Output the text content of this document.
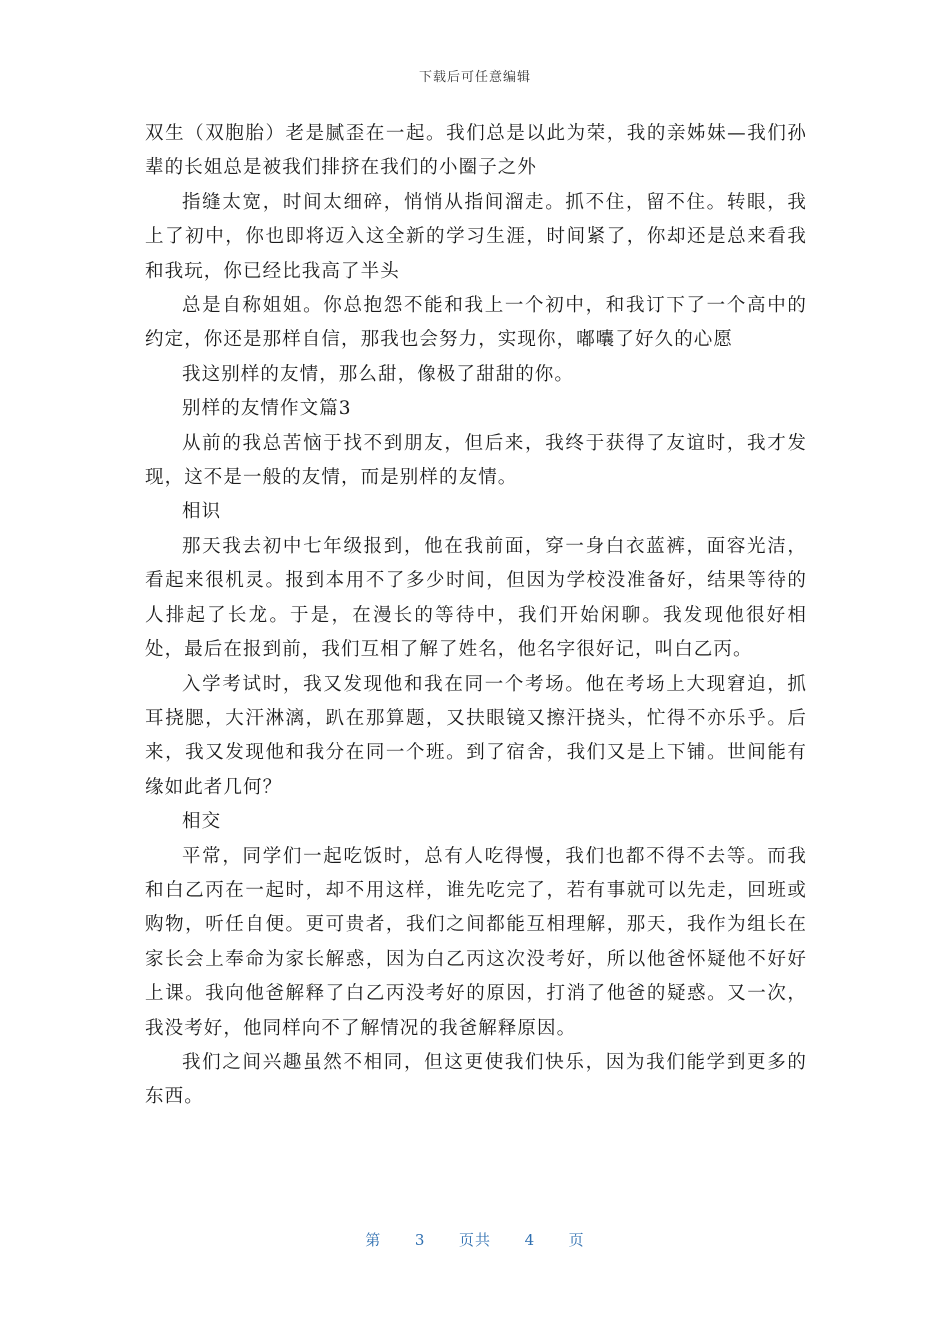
下载后可任意编辑

双生（双胞胎）老是腻歪在一起。我们总是以此为荣，我的亲姊妹—我们孙辈的长姐总是被我们排挤在我们的小圈子之外

指缝太宽，时间太细碎，悄悄从指间溜走。抓不住，留不住。转眼，我上了初中，你也即将迈入这全新的学习生涯，时间紧了，你却还是总来看我和我玩，你已经比我高了半头

总是自称姐姐。你总抱怨不能和我上一个初中，和我订下了一个高中的约定，你还是那样自信，那我也会努力，实现你，嘟囔了好久的心愿

我这别样的友情，那么甜，像极了甜甜的你。

别样的友情作文篇3

从前的我总苦恼于找不到朋友，但后来，我终于获得了友谊时，我才发现，这不是一般的友情，而是别样的友情。

相识

那天我去初中七年级报到，他在我前面，穿一身白衣蓝裤，面容光洁，看起来很机灵。报到本用不了多少时间，但因为学校没准备好，结果等待的人排起了长龙。于是，在漫长的等待中，我们开始闲聊。我发现他很好相处，最后在报到前，我们互相了解了姓名，他名字很好记，叫白乙丙。

入学考试时，我又发现他和我在同一个考场。他在考场上大现窘迫，抓耳挠腮，大汗淋漓，趴在那算题，又扶眼镜又擦汗挠头，忙得不亦乐乎。后来，我又发现他和我分在同一个班。到了宿舍，我们又是上下铺。世间能有缘如此者几何？

相交

平常，同学们一起吃饭时，总有人吃得慢，我们也都不得不去等。而我和白乙丙在一起时，却不用这样，谁先吃完了，若有事就可以先走，回班或购物，听任自便。更可贵者，我们之间都能互相理解，那天，我作为组长在家长会上奉命为家长解惑，因为白乙丙这次没考好，所以他爸怀疑他不好好上课。我向他爸解释了白乙丙没考好的原因，打消了他爸的疑惑。又一次，我没考好，他同样向不了解情况的我爸解释原因。

我们之间兴趣虽然不相同，但这更使我们快乐，因为我们能学到更多的东西。

第 3 页共 4 页
